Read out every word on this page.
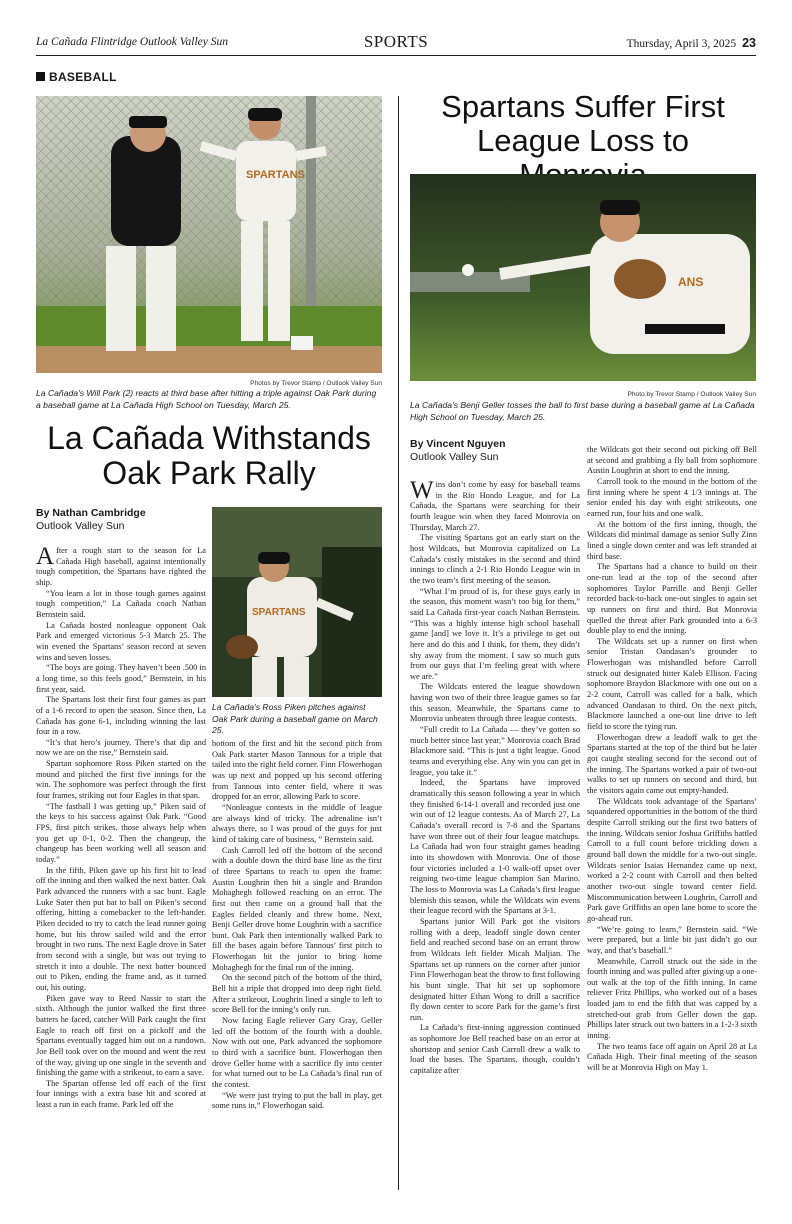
La Cañada Flintridge Outlook Valley Sun	SPORTS	Thursday, April 3, 2025 23
BASEBALL
SPARTANS
Photos by Trevor Stamp / Outlook Valley Sun
La Cañada's Will Park (2) reacts at third base after hitting a triple against Oak Park during a baseball game at La Cañada High School on Tuesday, March 25.
La Cañada Withstands
Oak Park Rally
By Nathan Cambridge
Outlook Valley Sun
SPARTANS
La Cañada's Ross Piken pitches against Oak Park during a baseball game on March 25.

After a rough start to the season for La Cañada High baseball, against intentionally tough competition, the Spartans have righted the ship.

“You learn a lot in those tough games against tough competition,” La Cañada coach Nathan Bernstein said.

La Cañada hosted nonleague opponent Oak Park and emerged victorious 5-3 March 25. The win evened the Spartans’ season record at seven wins and seven losses.

“The boys are going. They haven’t been .500 in a long time, so this feels good,” Bernstein, in his first year, said.

The Spartans lost their first four games as part of a 1-6 record to open the season. Since then, La Cañada has gone 6-1, including winning the last four in a row.

“It’s that hero’s journey. There’s that dip and now we are on the rise,” Bernstein said.

Spartan sophomore Ross Piken started on the mound and pitched the first five innings for the win. The sophomore was perfect through the first four frames, striking out four Eagles in that span.

“The fastball I was getting up,” Piken said of the keys to his success against Oak Park. “Good FPS, first pitch strikes, those always help when you get up 0-1, 0-2. Then the changeup, the changeup has been working well all season and today.”

In the fifth, Piken gave up his first hit to lead off the inning and then walked the next batter. Oak Park advanced the runners with a sac bunt. Eagle Luke Sater then put bat to ball on Piken’s second offering, hitting a comebacker to the left-hander. Piken decided to try to catch the lead runner going home, but his throw sailed wild and the error brought in two runs. The next Eagle drove in Sater from second with a single, but was out trying to stretch it into a double. The next batter bounced out to Piken, ending the frame and, as it turned out, his outing.

Piken gave way to Reed Nassir to start the sixth. Although the junior walked the first three batters he faced, catcher Will Park caught the first Eagle to reach off first on a pickoff and the Spartans eventually tagged him out on a rundown. Joe Bell took over on the mound and went the rest of the way, giving up one single in the seventh and finishing the game with a strikeout, to earn a save.

The Spartan offense led off each of the first four innings with a extra base hit and scored at least a run in each frame. Park led off the

bottom of the first and hit the second pitch from Oak Park starter Mason Tannous for a triple that tailed into the right field corner. Finn Flowerhogan was up next and popped up his second offering from Tannous into center field, where it was dropped for an error, allowing Park to score.

“Nonleague contests in the middle of league are always kind of tricky. The adrenaline isn’t always there, so I was proud of the guys for just kind of taking care of business, ” Bernstein said.

Cash Carroll led off the bottom of the second with a double down the third base line as the first of three Spartans to reach to open the frame: Austin Loughrin then hit a single and Brandon Mohaghegh followed reaching on an error. The first out then came on a ground ball that the Eagles fielded cleanly and threw home. Next, Benji Geller drove home Loughrin with a sacrifice bunt. Oak Park then intentionally walked Park to fill the bases again before Tannous’ first pitch to Flowerhogan hit the junior to bring home Mohaghegh for the final run of the inning.

On the second pitch of the bottom of the third, Bell hit a triple that dropped into deep right field. After a strikeout, Loughrin lined a single to left to score Bell for the inning’s only run.

Now facing Eagle reliever Gary Gray, Geller led off the bottom of the fourth with a double. Now with out one, Park advanced the sophomore to third with a sacrifice bunt. Flowerhogan then drove Geller home with a sacrifice fly into center for what turned out to be La Cañada’s final run of the contest.

“We were just trying to put the ball in play, get some runs in,” Flowerhogan said.

Spartans Suffer First
League Loss to
ANS
Photo by Trevor Stamp / Outlook Valley Sun
La Cañada's Benji Geller tosses the ball to first base during a baseball game at La Cañada High School on Tuesday, March 25.
By Vincent Nguyen
Outlook Valley Sun

Wins don’t come by easy for baseball teams in the Rio Hondo League, and for La Cañada, the Spartans were searching for their fourth league win when they faced Monrovia on Thursday, March 27.

The visiting Spartans got an early start on the host Wildcats, but Monrovia capitalized on La Cañada’s costly mistakes in the second and third innings to clinch a 2-1 Rio Hondo League win in the two team’s first meeting of the season.

“What I’m proud of is, for these guys early in the season, this moment wasn’t too big for them,” said La Cañada first-year coach Nathan Bernstein. “This was a highly intense high school baseball game [and] we love it. It’s a privilege to get out here and do this and I think, for them, they didn’t shy away from the moment. I saw so much guts from our guys that I’m feeling great with where we are.”

The Wildcats entered the league showdown having won two of their three league games so far this season. Meanwhile, the Spartans came to Monrovia unbeaten through three league contests.

“Full credit to La Cañada — they’ve gotten so much better since last year,” Monrovia coach Brad Blackmore said. “This is just a tight league. Good teams and everything else. Any win you can get in league, you take it.”

Indeed, the Spartans have improved dramatically this season following a year in which they finished 6-14-1 overall and recorded just one win out of 12 league contests. As of March 27, La Cañada’s overall record is 7-8 and the Spartans have won three out of their four league matchups. La Cañada had won four straight games heading into its showdown with Monrovia. One of those four victories included a 1-0 walk-off upset over reigning two-time league champion San Marino. The loss to Monrovia was La Cañada’s first league blemish this season, while the Wildcats win evens their league record with the Spartans at 3-1.

Spartans junior Will Park got the visitors rolling with a deep, leadoff single down center field and reached second base on an errant throw from Wildcats left fielder Micah Maljian. The Spartans set up runners on the corner after junior Finn Flowerhogan beat the throw to first following his bunt single. That hit set up sophomore designated hitter Ethan Wong to drill a sacrifice fly down center to score Park for the game’s first run.

La Cañada’s first-inning aggression continued as sophomore Joe Bell reached base on an error at shortstop and senior Cash Carroll drew a walk to load the bases. The Spartans, though, couldn’t capitalize after

the Wildcats got their second out picking off Bell at second and grabbing a fly ball from sophomore Austin Loughrin at short to end the inning.

Carroll took to the mound in the bottom of the first inning where he spent 4 1/3 innings at. The senior ended his day with eight strikeouts, one earned run, four hits and one walk.

At the bottom of the first inning, though, the Wildcats did minimal damage as senior Sully Zinn lined a single down center and was left stranded at third base.

The Spartans had a chance to build on their one-run lead at the top of the second after sophomores Taylor Parrille and Benji Geller recorded back-to-back one-out singles to again set up runners on first and third. But Monrovia quelled the threat after Park grounded into a 6-3 double play to end the inning.

The Wildcats set up a runner on first when senior Tristan Oandasan’s grounder to Flowerhogan was mishandled before Carroll struck out designated hitter Kaleb Ellison. Facing sophomore Braydon Blackmore with one out on a 2-2 count, Carroll was called for a balk, which advanced Oandasan to third. On the next pitch, Blackmore launched a one-out line drive to left field to score the tying run.

Flowerhogan drew a leadoff walk to get the Spartans started at the top of the third but he later got caught stealing second for the second out of the inning. The Spartans worked a pair of two-out walks to set up runners on second and third, but the visitors again came out empty-handed.

The Wildcats took advantage of the Spartans’ squandered opportunities in the bottom of the third despite Carroll striking out the first two batters of the inning. Wildcats senior Joshua Griffiths battled Carroll to a full count before trickling down a ground ball down the middle for a two-out single. Wildcats senior Isaias Hernandez came up next, worked a 2-2 count with Carroll and then belted another two-out single toward center field. Miscommunication between Loughrin, Carroll and Park gave Griffiths an open lane home to score the go-ahead run.

“We’re going to learn,” Bernstein said. “We were prepared, but a little bit just didn’t go our way, and that’s baseball.”

Meanwhile, Carroll struck out the side in the fourth inning and was pulled after giving up a one-out walk at the top of the fifth inning. In came reliever Fritz Phillips, who worked out of a bases loaded jam to end the fifth that was capped by a stretched-out grab from Geller down the gap. Phillips later struck out two batters in a 1-2-3 sixth inning.

The two teams face off again on April 28 at La Cañada High. Their final meeting of the season will be at Monrovia High on May 1.
